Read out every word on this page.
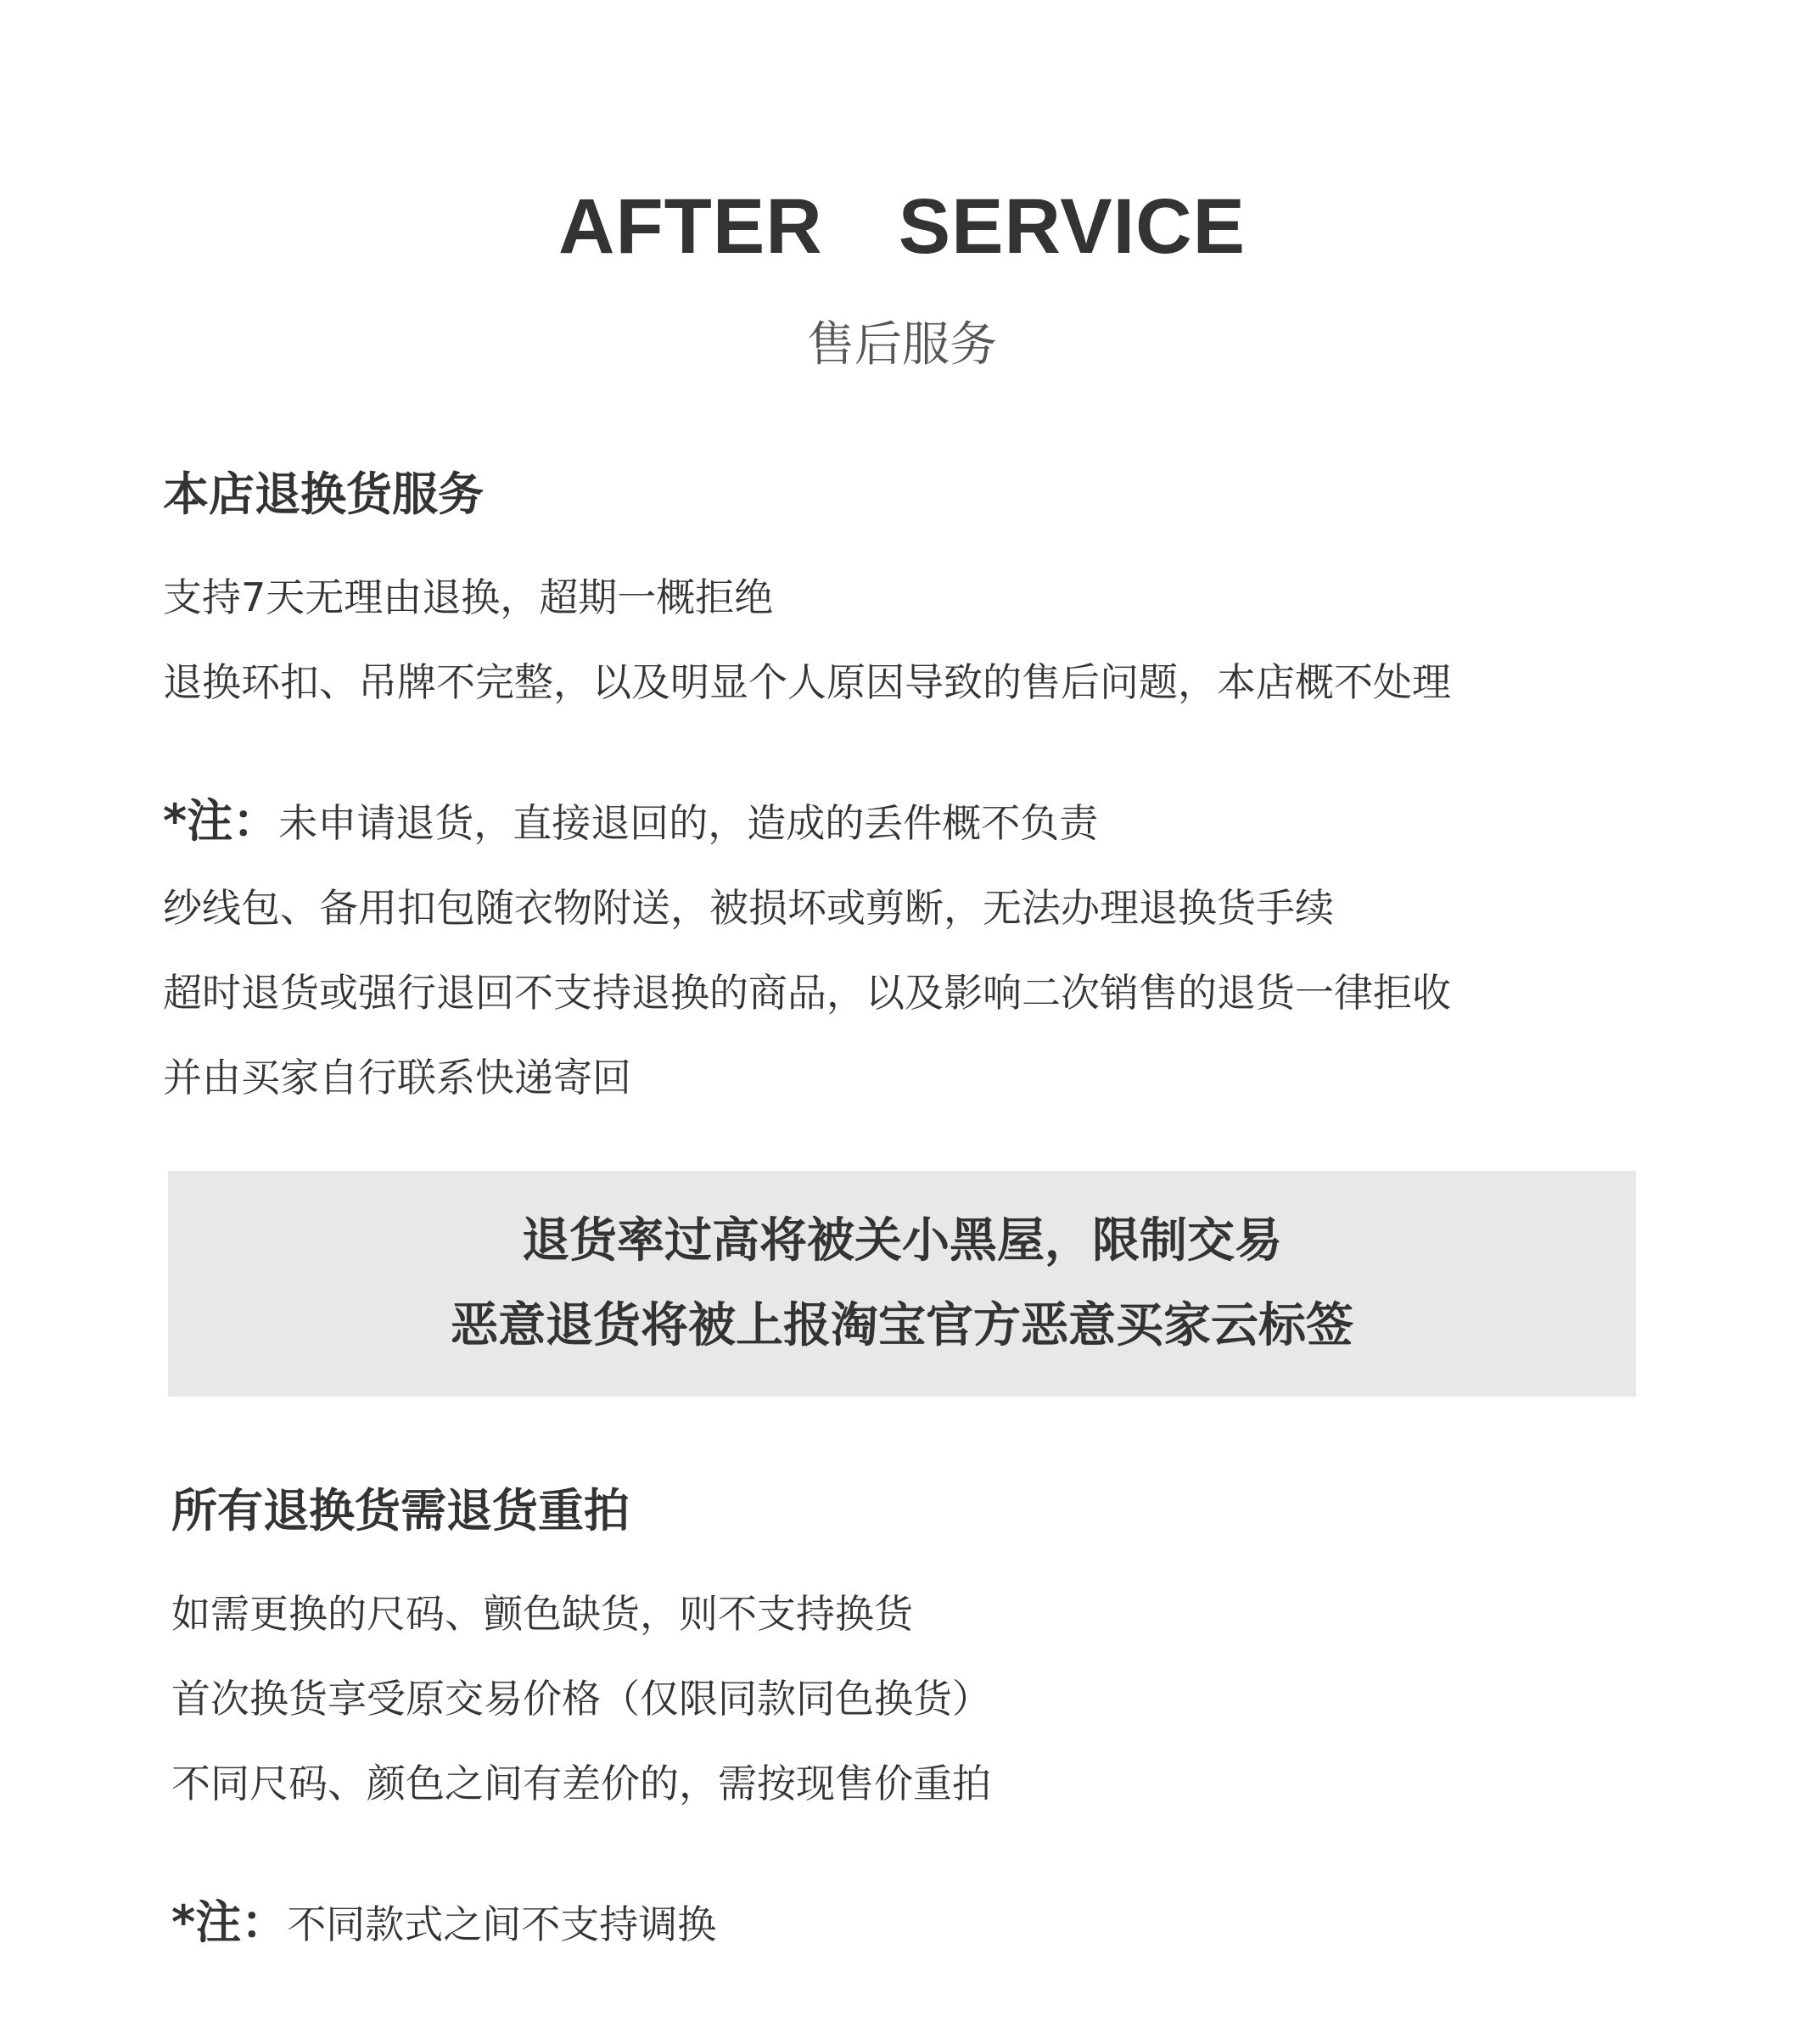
AFTER  SERVICE
售后服务
本店退换货服务
支持7天无理由退换，超期一概拒绝
退换环扣、吊牌不完整，以及明显个人原因导致的售后问题，本店概不处理
*注：未申请退货，直接退回的，造成的丢件概不负责
纱线包、备用扣包随衣物附送，被损坏或剪断，无法办理退换货手续
超时退货或强行退回不支持退换的商品，以及影响二次销售的退货一律拒收
并由买家自行联系快递寄回
退货率过高将被关小黑屋，限制交易
恶意退货将被上报淘宝官方恶意买家云标签
所有退换货需退货重拍
如需更换的尺码、颤色缺货，则不支持换货
首次换货享受原交易价格（仅限同款同色换货）
不同尺码、颜色之间有差价的，需按现售价重拍
*注：不同款式之间不支持调换
